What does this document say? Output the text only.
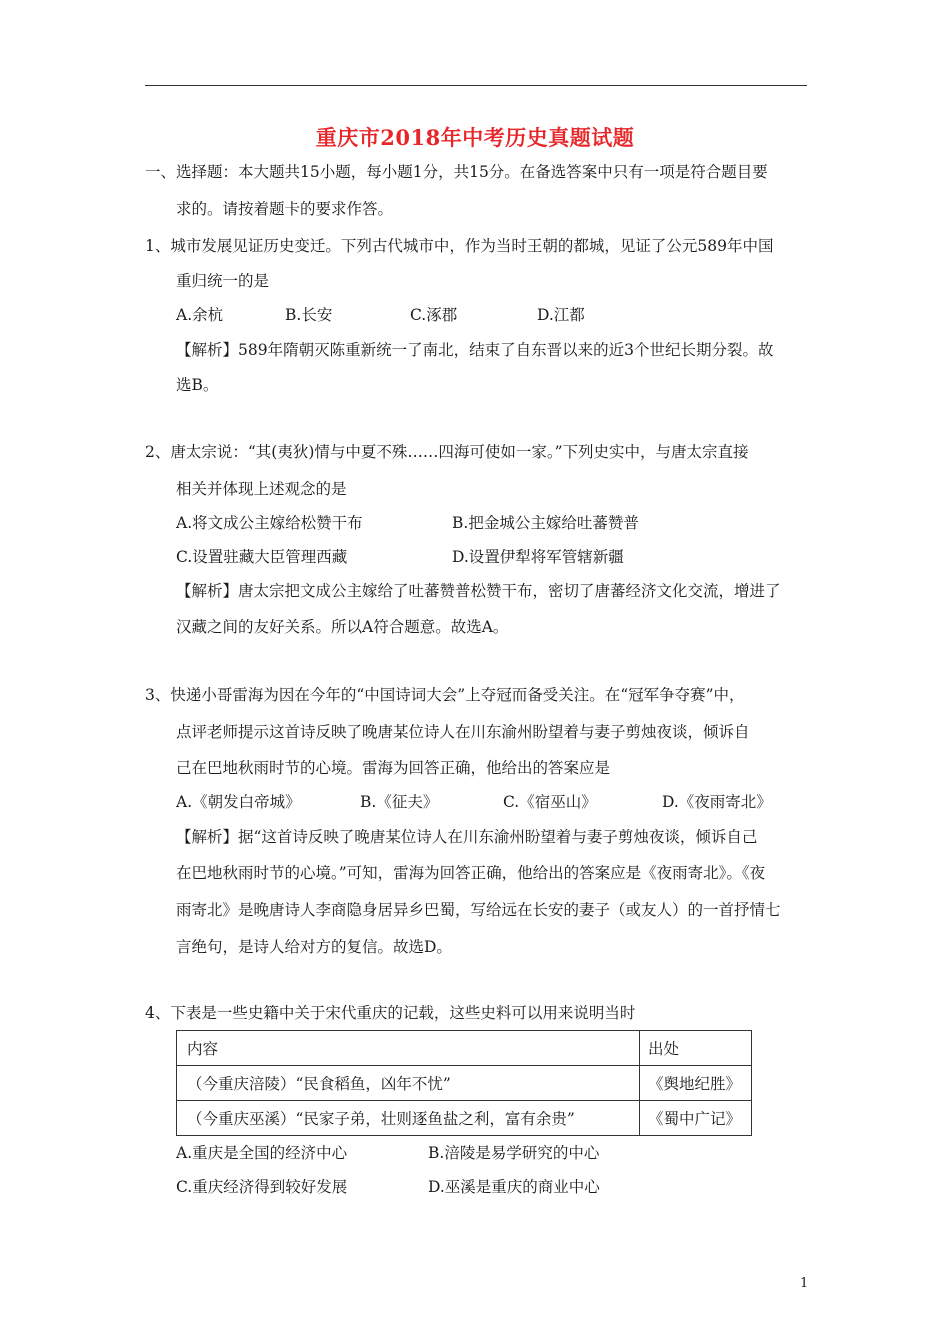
重庆市2018年中考历史真题试题
一、选择题：本大题共15小题，每小题1分，共15分。在备选答案中只有一项是符合题目要
求的。请按着题卡的要求作答。
1、城市发展见证历史变迁。下列古代城市中，作为当时王朝的都城，见证了公元589年中国
重归统一的是
A.余杭	B.长安	C.涿郡	D.江都
【解析】589年隋朝灭陈重新统一了南北，结束了自东晋以来的近3个世纪长期分裂。故
选B。
2、唐太宗说：“其(夷狄)情与中夏不殊……四海可使如一家。”下列史实中，与唐太宗直接
相关并体现上述观念的是
A.将文成公主嫁给松赞干布	B.把金城公主嫁给吐蕃赞普
C.设置驻藏大臣管理西藏	D.设置伊犁将军管辖新疆
【解析】唐太宗把文成公主嫁给了吐蕃赞普松赞干布，密切了唐蕃经济文化交流，增进了
汉藏之间的友好关系。所以A符合题意。故选A。
3、快递小哥雷海为因在今年的“中国诗词大会”上夺冠而备受关注。在“冠军争夺赛”中，
点评老师提示这首诗反映了晚唐某位诗人在川东渝州盼望着与妻子剪烛夜谈，倾诉自
己在巴地秋雨时节的心境。雷海为回答正确，他给出的答案应是
A.《朝发白帝城》	B.《征夫》	C.《宿巫山》	D.《夜雨寄北》
【解析】据“这首诗反映了晚唐某位诗人在川东渝州盼望着与妻子剪烛夜谈，倾诉自己
在巴地秋雨时节的心境。”可知，雷海为回答正确，他给出的答案应是《夜雨寄北》。《夜
雨寄北》是晚唐诗人李商隐身居异乡巴蜀，写给远在长安的妻子（或友人）的一首抒情七
言绝句，是诗人给对方的复信。故选D。
4、下表是一些史籍中关于宋代重庆的记载，这些史料可以用来说明当时
内容	出处
（今重庆涪陵）“民食稻鱼，凶年不忧”	《舆地纪胜》
（今重庆巫溪）“民家子弟，壮则逐鱼盐之利，富有余贵”	《蜀中广记》
A.重庆是全国的经济中心	B.涪陵是易学研究的中心
C.重庆经济得到较好发展	D.巫溪是重庆的商业中心
1
